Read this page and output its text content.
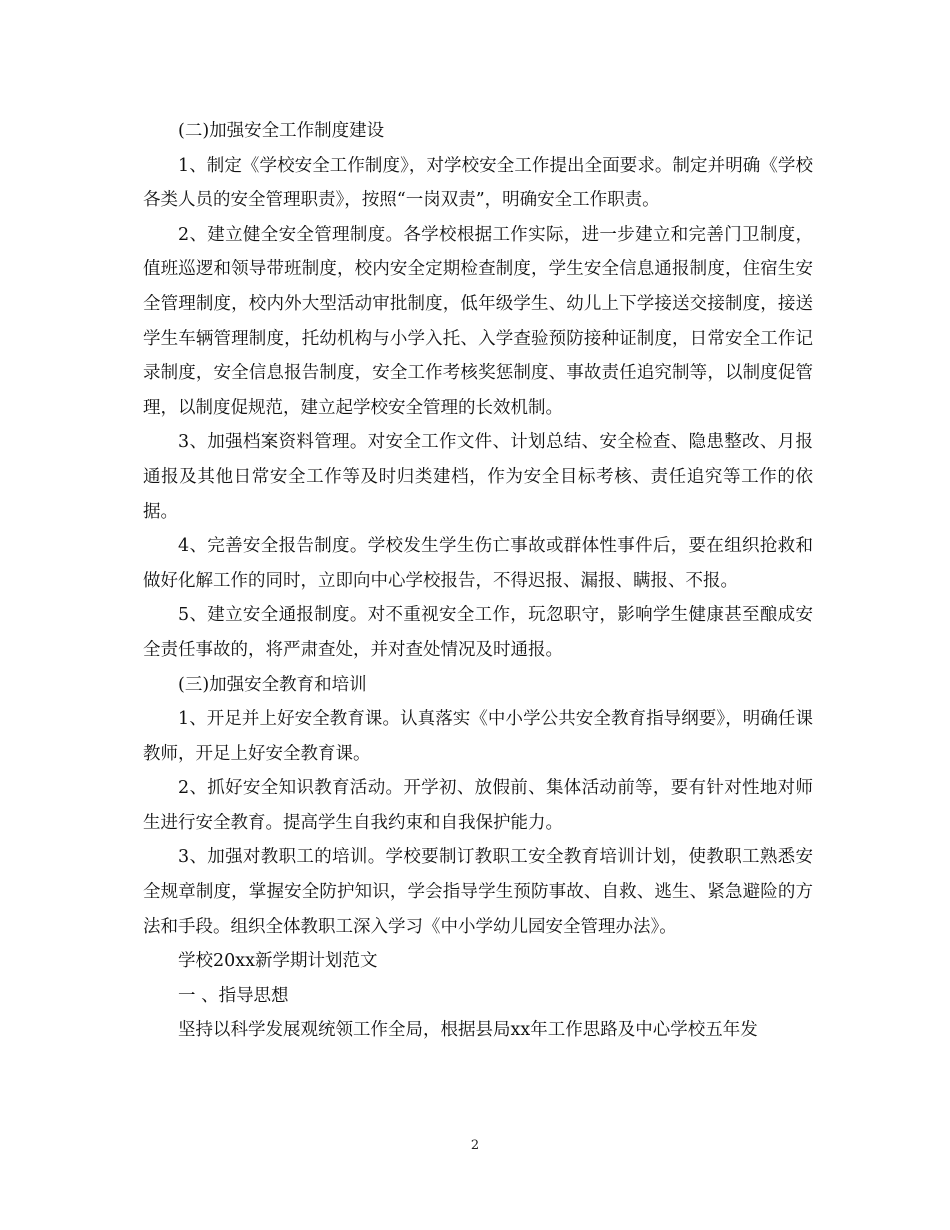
(二)加强安全工作制度建设

1、制定《学校安全工作制度》，对学校安全工作提出全面要求。制定并明确《学校各类人员的安全管理职责》，按照“一岗双责”，明确安全工作职责。

2、建立健全安全管理制度。各学校根据工作实际，进一步建立和完善门卫制度，值班巡逻和领导带班制度，校内安全定期检查制度，学生安全信息通报制度，住宿生安全管理制度，校内外大型活动审批制度，低年级学生、幼儿上下学接送交接制度，接送学生车辆管理制度，托幼机构与小学入托、入学查验预防接种证制度，日常安全工作记录制度，安全信息报告制度，安全工作考核奖惩制度、事故责任追究制等，以制度促管理，以制度促规范，建立起学校安全管理的长效机制。

3、加强档案资料管理。对安全工作文件、计划总结、安全检查、隐患整改、月报通报及其他日常安全工作等及时归类建档，作为安全目标考核、责任追究等工作的依据。

4、完善安全报告制度。学校发生学生伤亡事故或群体性事件后，要在组织抢救和做好化解工作的同时，立即向中心学校报告，不得迟报、漏报、瞒报、不报。

5、建立安全通报制度。对不重视安全工作，玩忽职守，影响学生健康甚至酿成安全责任事故的，将严肃查处，并对查处情况及时通报。

(三)加强安全教育和培训

1、开足并上好安全教育课。认真落实《中小学公共安全教育指导纲要》，明确任课教师，开足上好安全教育课。

2、抓好安全知识教育活动。开学初、放假前、集体活动前等，要有针对性地对师生进行安全教育。提高学生自我约束和自我保护能力。

3、加强对教职工的培训。学校要制订教职工安全教育培训计划，使教职工熟悉安全规章制度，掌握安全防护知识，学会指导学生预防事故、自救、逃生、紧急避险的方法和手段。组织全体教职工深入学习《中小学幼儿园安全管理办法》。

学校20xx新学期计划范文

一 、指导思想

坚持以科学发展观统领工作全局，根据县局xx年工作思路及中心学校五年发

2
